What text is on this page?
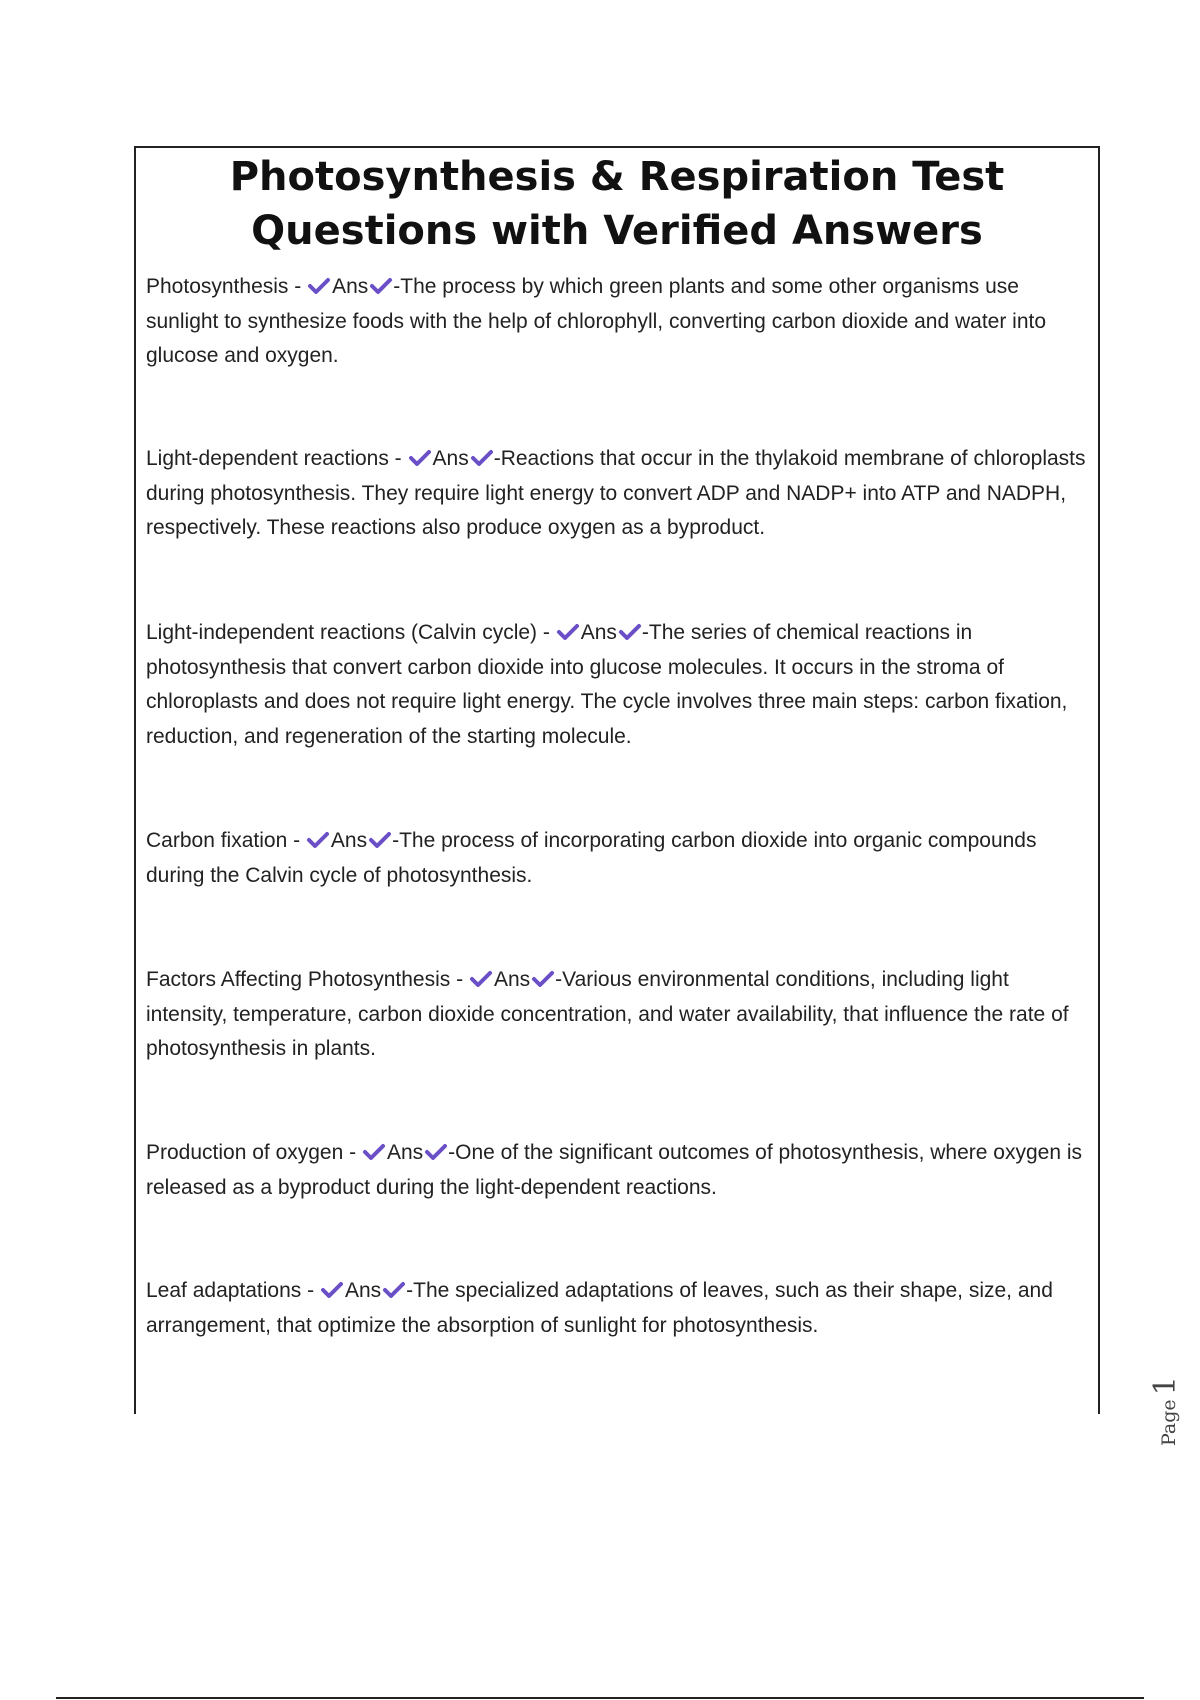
Photosynthesis & Respiration Test Questions with Verified Answers
Photosynthesis - Ans -The process by which green plants and some other organisms use sunlight to synthesize foods with the help of chlorophyll, converting carbon dioxide and water into glucose and oxygen.
Light-dependent reactions - Ans -Reactions that occur in the thylakoid membrane of chloroplasts during photosynthesis. They require light energy to convert ADP and NADP+ into ATP and NADPH, respectively. These reactions also produce oxygen as a byproduct.
Light-independent reactions (Calvin cycle) - Ans -The series of chemical reactions in photosynthesis that convert carbon dioxide into glucose molecules. It occurs in the stroma of chloroplasts and does not require light energy. The cycle involves three main steps: carbon fixation, reduction, and regeneration of the starting molecule.
Carbon fixation - Ans -The process of incorporating carbon dioxide into organic compounds during the Calvin cycle of photosynthesis.
Factors Affecting Photosynthesis - Ans -Various environmental conditions, including light intensity, temperature, carbon dioxide concentration, and water availability, that influence the rate of photosynthesis in plants.
Production of oxygen - Ans -One of the significant outcomes of photosynthesis, where oxygen is released as a byproduct during the light-dependent reactions.
Leaf adaptations - Ans -The specialized adaptations of leaves, such as their shape, size, and arrangement, that optimize the absorption of sunlight for photosynthesis.
Page1
